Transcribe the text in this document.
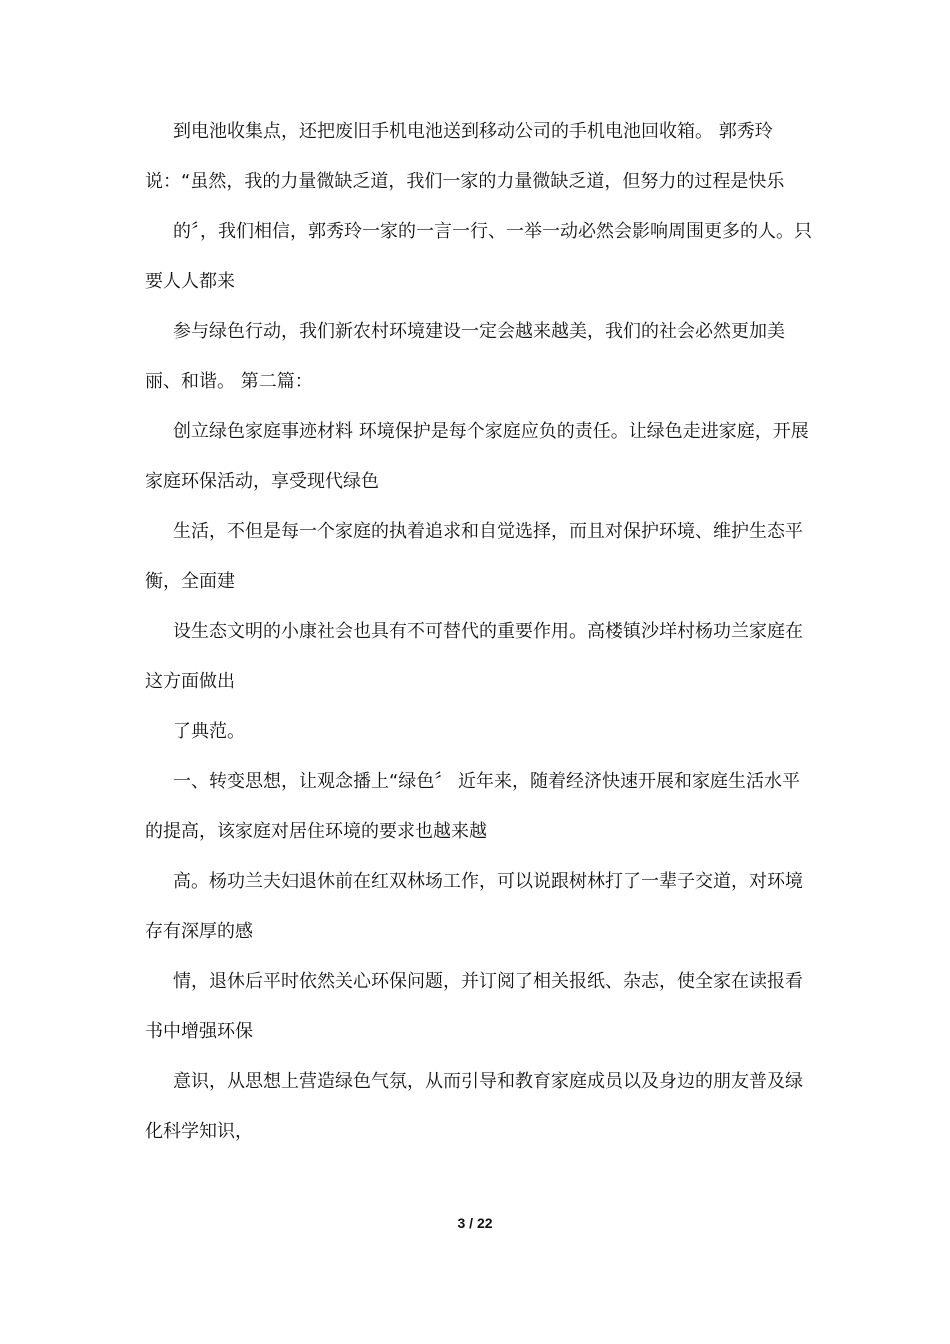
到电池收集点，还把废旧手机电池送到移动公司的手机电池回收箱。 郭秀玲说：“虽然，我的力量微缺乏道，我们一家的力量微缺乏道，但努力的过程是快乐

的〞，我们相信，郭秀玲一家的一言一行、一举一动必然会影响周围更多的人。只要人人都来

参与绿色行动，我们新农村环境建设一定会越来越美，我们的社会必然更加美丽、和谐。 第二篇：

创立绿色家庭事迹材料 环境保护是每个家庭应负的责任。让绿色走进家庭，开展家庭环保活动，享受现代绿色

生活，不但是每一个家庭的执着追求和自觉选择，而且对保护环境、维护生态平衡，全面建

设生态文明的小康社会也具有不可替代的重要作用。高楼镇沙垟村杨功兰家庭在这方面做出

了典范。

一、转变思想，让观念播上“绿色〞 近年来，随着经济快速开展和家庭生活水平的提高，该家庭对居住环境的要求也越来越

高。杨功兰夫妇退休前在红双林场工作，可以说跟树林打了一辈子交道，对环境存有深厚的感

情，退休后平时依然关心环保问题，并订阅了相关报纸、杂志，使全家在读报看书中增强环保

意识，从思想上营造绿色气氛，从而引导和教育家庭成员以及身边的朋友普及绿化科学知识，

3 / 22
